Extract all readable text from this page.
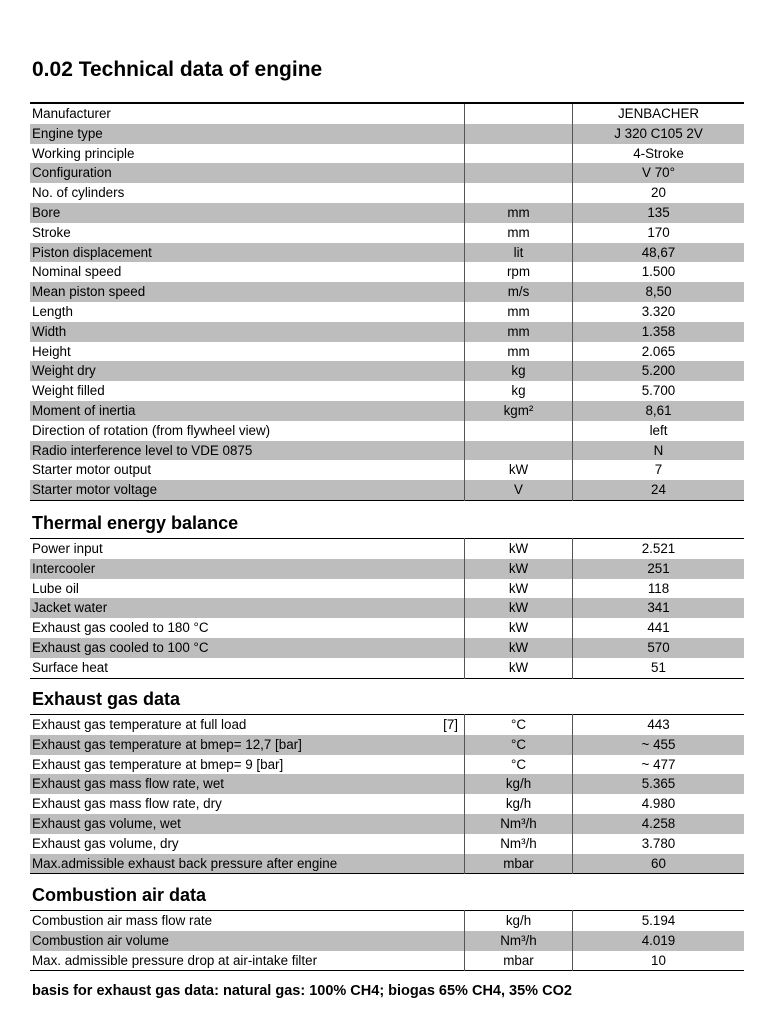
0.02 Technical data of engine
Manufacturer		JENBACHER
Engine type		J 320 C105 2V
Working principle		4-Stroke
Configuration		V 70°
No. of cylinders		20
Bore	mm	135
Stroke	mm	170
Piston displacement	lit	48,67
Nominal speed	rpm	1.500
Mean piston speed	m/s	8,50
Length	mm	3.320
Width	mm	1.358
Height	mm	2.065
Weight dry	kg	5.200
Weight filled	kg	5.700
Moment of inertia	kgm²	8,61
Direction of rotation (from flywheel view)		left
Radio interference level to VDE 0875		N
Starter motor output	kW	7
Starter motor voltage	V	24
Thermal energy balance
Power input	kW	2.521
Intercooler	kW	251
Lube oil	kW	118
Jacket water	kW	341
Exhaust gas cooled to 180 °C	kW	441
Exhaust gas cooled to 100 °C	kW	570
Surface heat	kW	51
Exhaust gas data
Exhaust gas temperature at full load [7]	°C	443
Exhaust gas temperature at bmep= 12,7 [bar]	°C	~ 455
Exhaust gas temperature at bmep= 9 [bar]	°C	~ 477
Exhaust gas mass flow rate, wet	kg/h	5.365
Exhaust gas mass flow rate, dry	kg/h	4.980
Exhaust gas volume, wet	Nm³/h	4.258
Exhaust gas volume, dry	Nm³/h	3.780
Max.admissible exhaust back pressure after engine	mbar	60
Combustion air data
Combustion air mass flow rate	kg/h	5.194
Combustion air volume	Nm³/h	4.019
Max. admissible pressure drop at air-intake filter	mbar	10
basis for exhaust gas data: natural gas: 100% CH4; biogas 65% CH4, 35% CO2
